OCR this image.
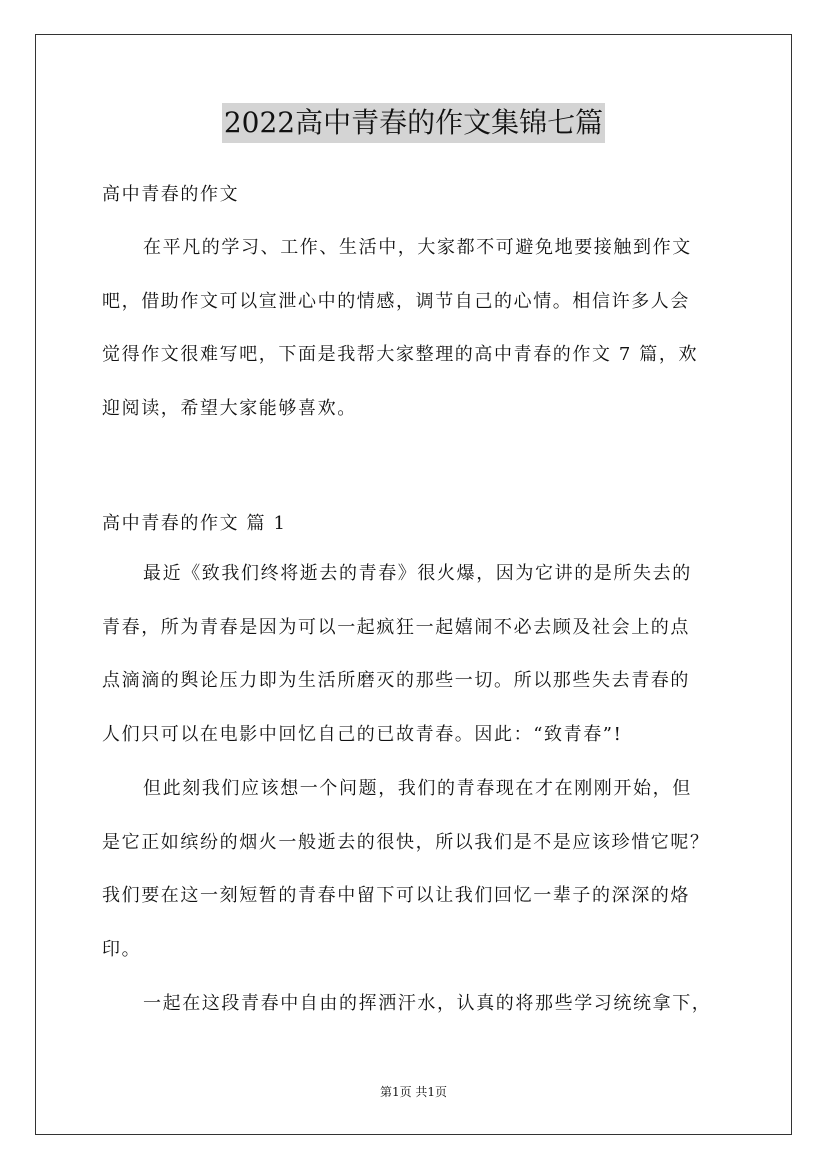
2022高中青春的作文集锦七篇
高中青春的作文
在平凡的学习、工作、生活中，大家都不可避免地要接触到作文
吧，借助作文可以宣泄心中的情感，调节自己的心情。相信许多人会
觉得作文很难写吧，下面是我帮大家整理的高中青春的作文 7 篇，欢
迎阅读，希望大家能够喜欢。
高中青春的作文 篇 1
最近《致我们终将逝去的青春》很火爆，因为它讲的是所失去的
青春，所为青春是因为可以一起疯狂一起嬉闹不必去顾及社会上的点
点滴滴的舆论压力即为生活所磨灭的那些一切。所以那些失去青春的
人们只可以在电影中回忆自己的已故青春。因此：“致青春”!
但此刻我们应该想一个问题，我们的青春现在才在刚刚开始，但
是它正如缤纷的烟火一般逝去的很快，所以我们是不是应该珍惜它呢？
我们要在这一刻短暂的青春中留下可以让我们回忆一辈子的深深的烙
印。
一起在这段青春中自由的挥洒汗水，认真的将那些学习统统拿下，
第1页 共1页
